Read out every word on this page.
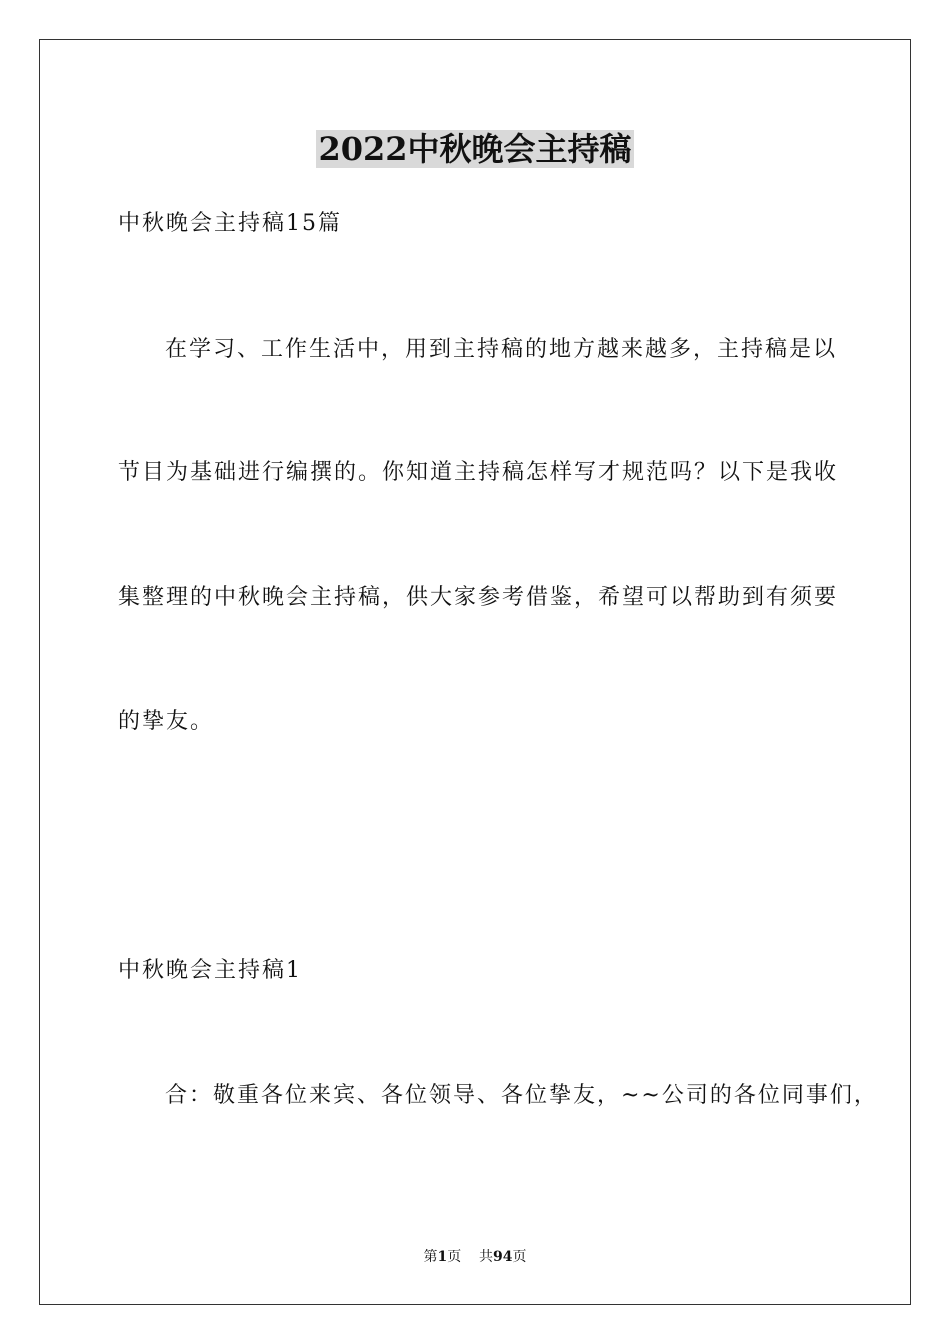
2022中秋晚会主持稿
中秋晚会主持稿15篇
在学习、工作生活中，用到主持稿的地方越来越多，主持稿是以
节目为基础进行编撰的。你知道主持稿怎样写才规范吗？以下是我收
集整理的中秋晚会主持稿，供大家参考借鉴，希望可以帮助到有须要
的挚友。
中秋晚会主持稿1
合：敬重各位来宾、各位领导、各位挚友，~~公司的各位同事们，
第1页 共94页
